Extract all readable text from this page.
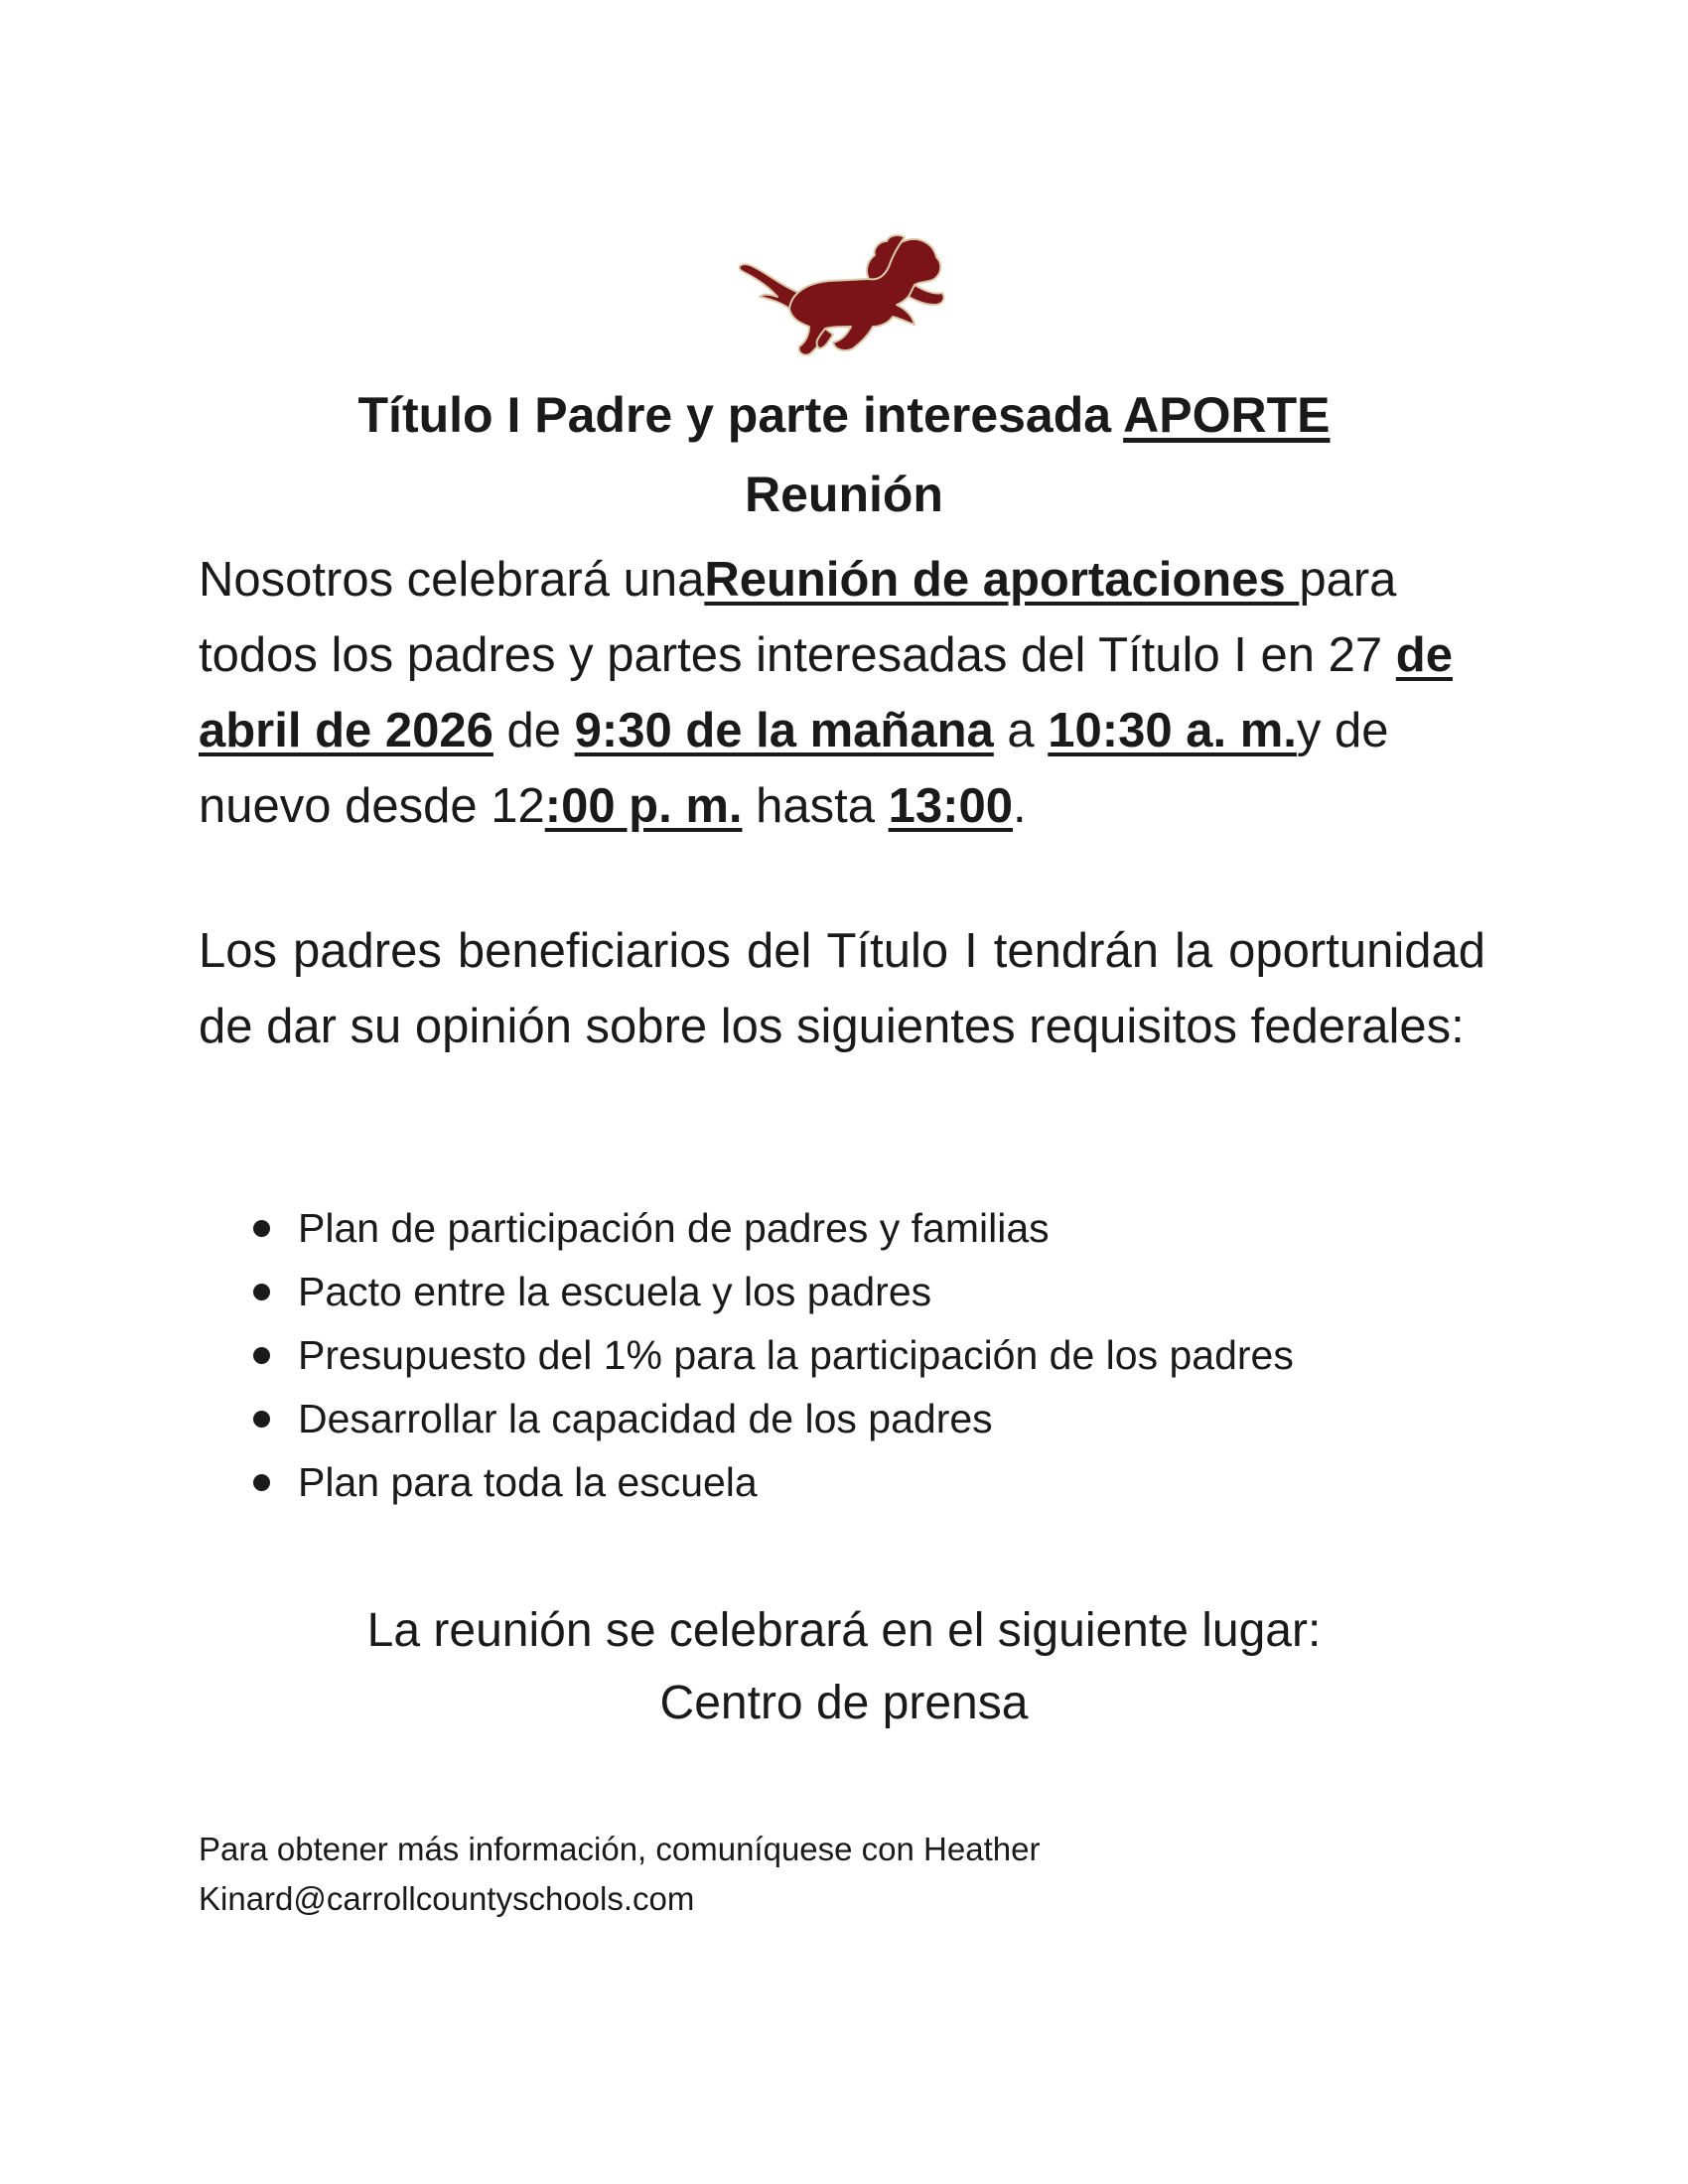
Título I Padre y parte interesada APORTE
Reunión

Nosotros celebrará unaReunión de aportaciones para todos los padres y partes interesadas del Título I en 27 de abril de 2026 de 9:30 de la mañana a 10:30 a. m.y de nuevo desde 12:00 p. m. hasta 13:00.

Los padres beneficiarios del Título I tendrán la oportunidad de dar su opinión sobre los siguientes requisitos federales:

Plan de participación de padres y familias
Pacto entre la escuela y los padres
Presupuesto del 1% para la participación de los padres
Desarrollar la capacidad de los padres
Plan para toda la escuela
La reunión se celebrará en el siguiente lugar:
Centro de prensa
Para obtener más información, comuníquese con Heather
Kinard@carrollcountyschools.com
